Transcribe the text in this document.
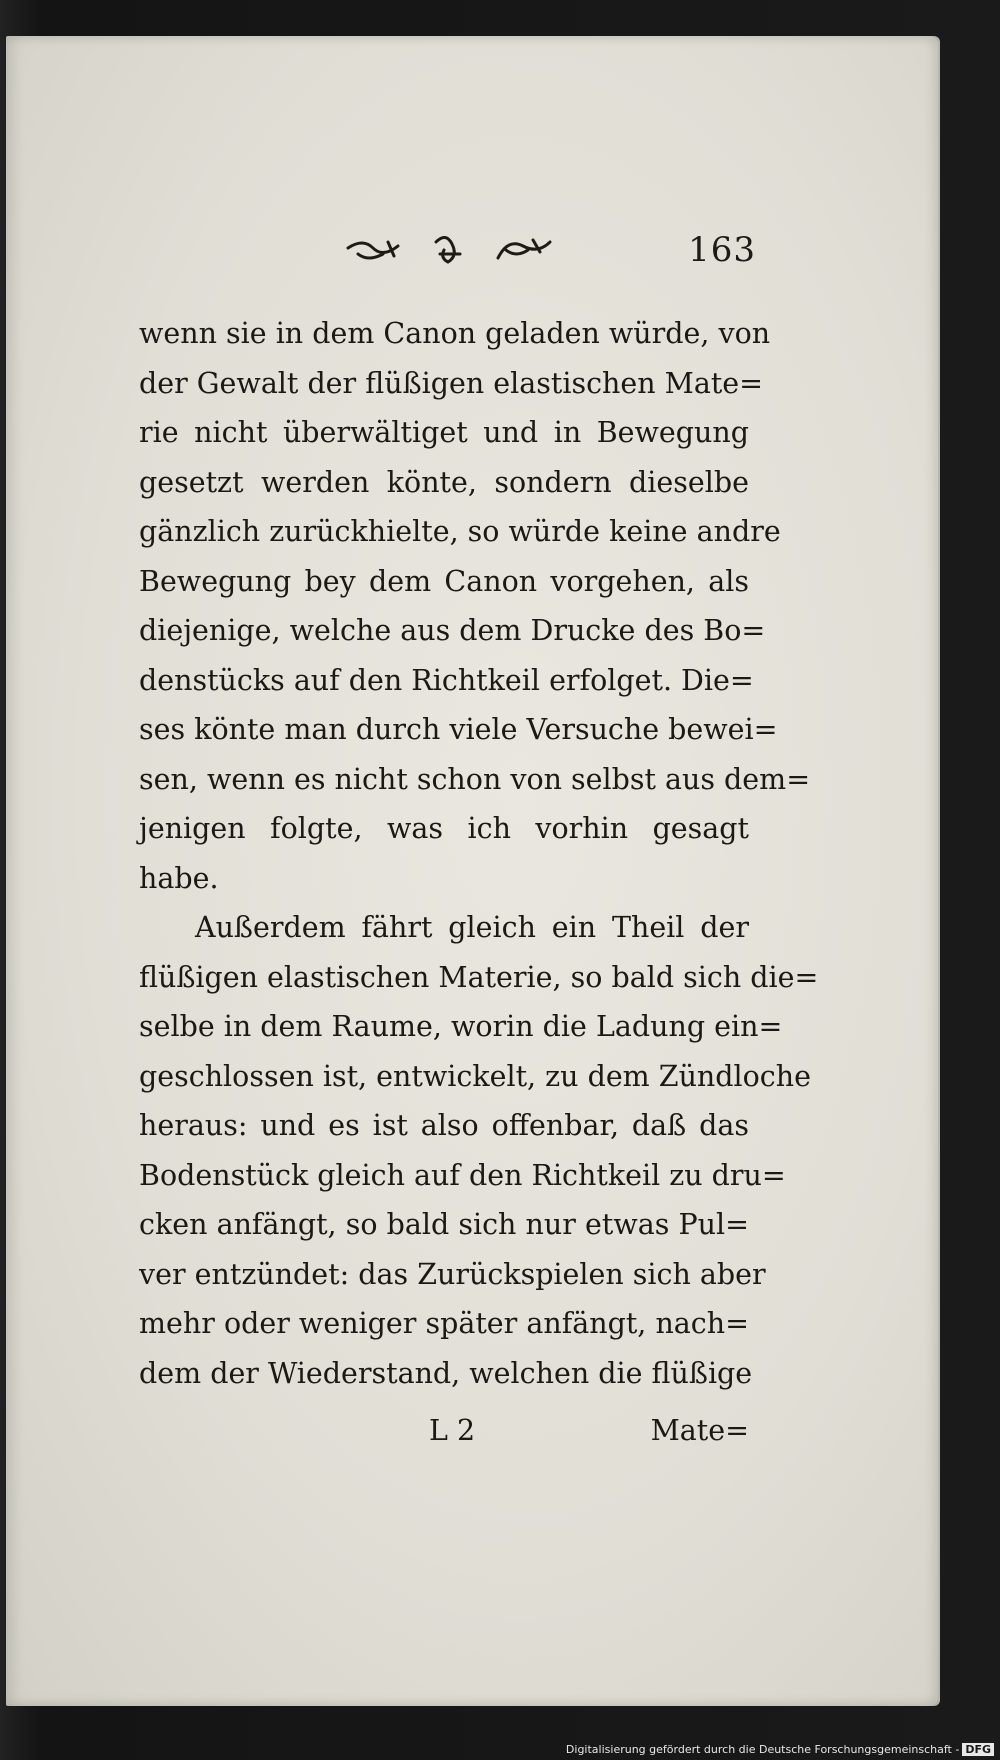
163
wenn sie in dem Canon geladen würde, von
der Gewalt der flüßigen elastischen Mate=
rie nicht überwältiget und in Bewegung
gesetzt werden könte, sondern dieselbe
gänzlich zurückhielte, so würde keine andre
Bewegung bey dem Canon vorgehen, als
diejenige, welche aus dem Drucke des Bo=
denstücks auf den Richtkeil erfolget. Die=
ses könte man durch viele Versuche bewei=
sen, wenn es nicht schon von selbst aus dem=
jenigen folgte, was ich vorhin gesagt
habe.
Außerdem fährt gleich ein Theil der
flüßigen elastischen Materie, so bald sich die=
selbe in dem Raume, worin die Ladung ein=
geschlossen ist, entwickelt, zu dem Zündloche
heraus: und es ist also offenbar, daß das
Bodenstück gleich auf den Richtkeil zu dru=
cken anfängt, so bald sich nur etwas Pul=
ver entzündet: das Zurückspielen sich aber
mehr oder weniger später anfängt, nach=
dem der Wiederstand, welchen die flüßige
L 2	Mate=
Digitalisierung gefördert durch die Deutsche Forschungsgemeinschaft - DFG
